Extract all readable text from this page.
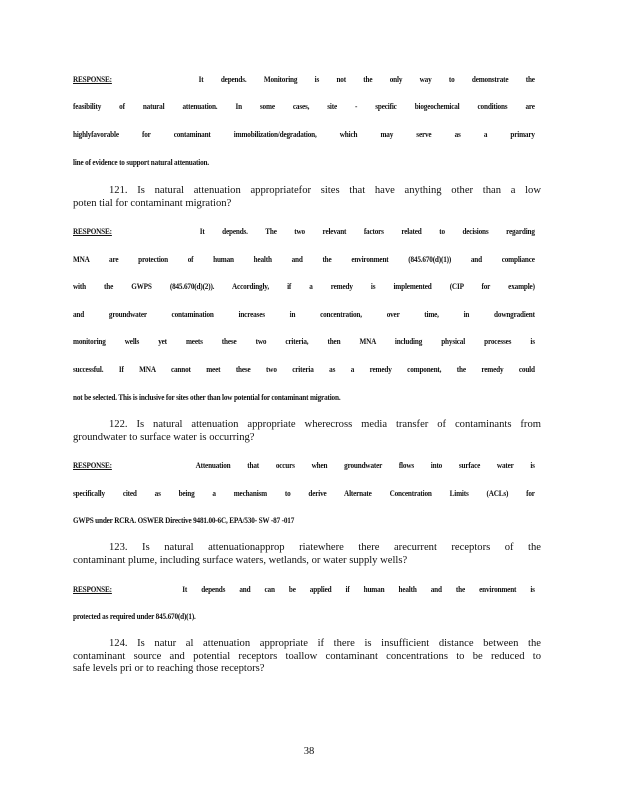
RESPONSE:	It depends. Monitoring is not the only way to demonstrate the
feasibility of natural attenuation. In some cases, site - specific biogeochemical conditions are
highlyfavorable for contaminant immobilization/degradation, which may serve as a primary
line of evidence to support natural attenuation.
121. Is natural attenuation appropriatefor sites that have anything other than a low
poten tial for contaminant migration?
RESPONSE:	It depends. The two relevant factors related to decisions regarding
MNA are protection of human health and the environment (845.670(d)(1)) and compliance
with the GWPS (845.670(d)(2)). Accordingly, if a remedy is implemented (CIP for example)
and groundwater contamination increases in concentration, over time, in downgradient
monitoring wells yet meets these two criteria, then MNA including physical processes is
successful. If MNA cannot meet these two criteria as a remedy component, the remedy could
not be selected. This is inclusive for sites other than low potential for contaminant migration.
122. Is natural attenuation appropriate wherecross media transfer of contaminants from
groundwater to surface water is occurring?
RESPONSE:	Attenuation that occurs when groundwater flows into surface water is
specifically cited as being a mechanism to derive Alternate Concentration Limits (ACLs) for
GWPS under RCRA. OSWER Directive 9481.00-6C, EPA/530- SW -87 -017
123. Is natural attenuationapprop riatewhere there arecurrent receptors of the
contaminant plume, including surface waters, wetlands, or water supply wells?
RESPONSE:	It depends and can be applied if human health and the environment is
protected as required under 845.670(d)(1).
124. Is natur al attenuation appropriate if there is insufficient distance between the
contaminant source and potential receptors toallow contaminant concentrations to be reduced to
safe levels pri or to reaching those receptors?
38
